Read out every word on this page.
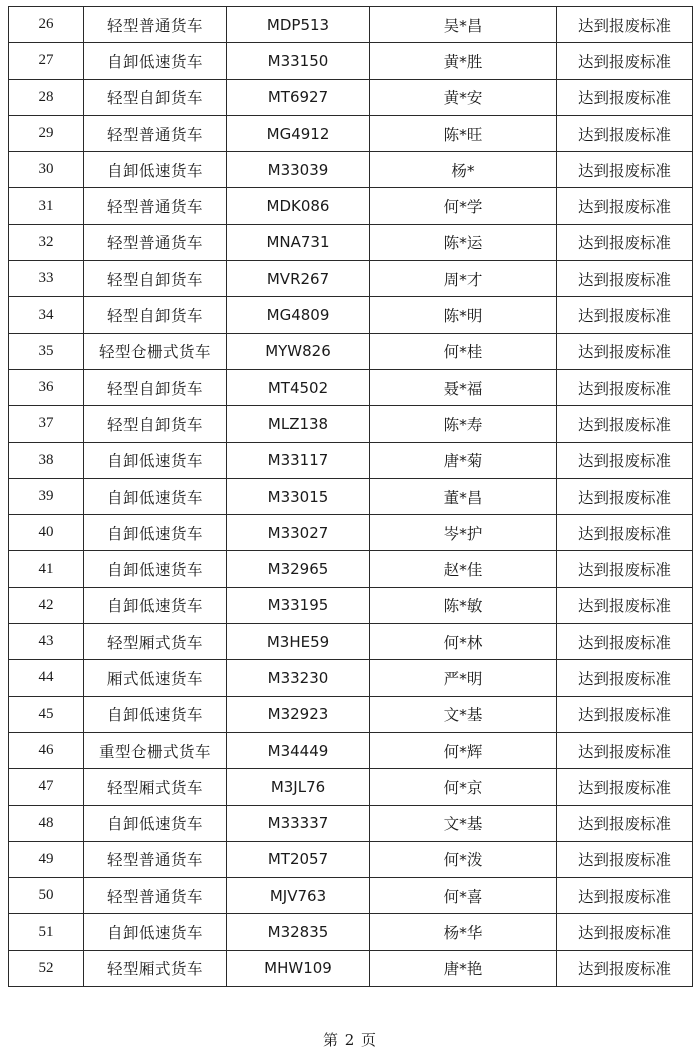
26	轻型普通货车	MDP513	吴*昌	达到报废标准
27	自卸低速货车	M33150	黄*胜	达到报废标准
28	轻型自卸货车	MT6927	黄*安	达到报废标准
29	轻型普通货车	MG4912	陈*旺	达到报废标准
30	自卸低速货车	M33039	杨*	达到报废标准
31	轻型普通货车	MDK086	何*学	达到报废标准
32	轻型普通货车	MNA731	陈*运	达到报废标准
33	轻型自卸货车	MVR267	周*才	达到报废标准
34	轻型自卸货车	MG4809	陈*明	达到报废标准
35	轻型仓栅式货车	MYW826	何*桂	达到报废标准
36	轻型自卸货车	MT4502	聂*福	达到报废标准
37	轻型自卸货车	MLZ138	陈*寿	达到报废标准
38	自卸低速货车	M33117	唐*菊	达到报废标准
39	自卸低速货车	M33015	董*昌	达到报废标准
40	自卸低速货车	M33027	岑*护	达到报废标准
41	自卸低速货车	M32965	赵*佳	达到报废标准
42	自卸低速货车	M33195	陈*敏	达到报废标准
43	轻型厢式货车	M3HE59	何*林	达到报废标准
44	厢式低速货车	M33230	严*明	达到报废标准
45	自卸低速货车	M32923	文*基	达到报废标准
46	重型仓栅式货车	M34449	何*辉	达到报废标准
47	轻型厢式货车	M3JL76	何*京	达到报废标准
48	自卸低速货车	M33337	文*基	达到报废标准
49	轻型普通货车	MT2057	何*泼	达到报废标准
50	轻型普通货车	MJV763	何*喜	达到报废标准
51	自卸低速货车	M32835	杨*华	达到报废标准
52	轻型厢式货车	MHW109	唐*艳	达到报废标准
第 2 页
